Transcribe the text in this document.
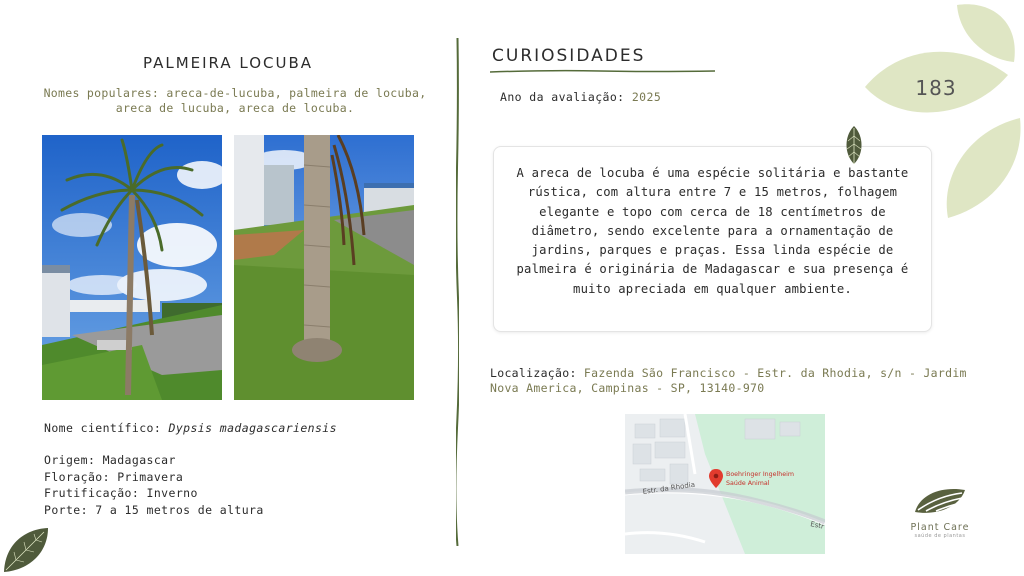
PALMEIRA LOCUBA
Nomes populares: areca-de-lucuba, palmeira de locuba, areca de lucuba, areca de locuba.
Nome científico: Dypsis madagascariensis
Origem: Madagascar
Floração: Primavera
Frutificação: Inverno
Porte: 7 a 15 metros de altura
CURIOSIDADES
Ano da avaliação: 2025
A areca de locuba é uma espécie solitária e bastante rústica, com altura entre 7 e 15 metros, folhagem elegante e topo com cerca de 18 centímetros de diâmetro, sendo excelente para a ornamentação de jardins, parques e praças. Essa linda espécie de palmeira é originária de Madagascar e sua presença é muito apreciada em qualquer ambiente.
Localização: Fazenda São Francisco - Estr. da Rhodia, s/n - Jardim Nova America, Campinas - SP, 13140-970
Estr. da Rhodia
Estr
Boehringer Ingelheim
Saúde Animal
183
Plant Care
saúde de plantas
